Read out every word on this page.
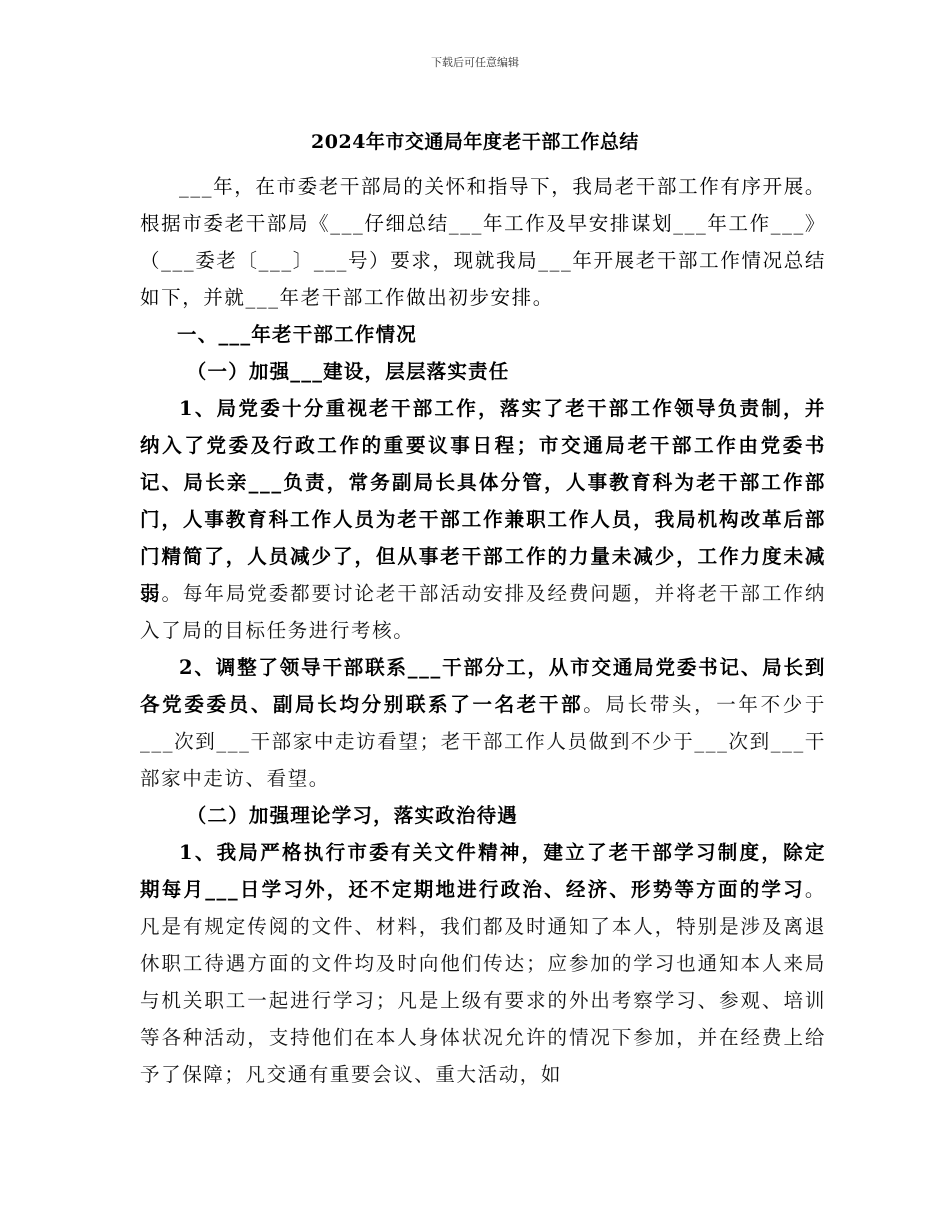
下载后可任意编辑
2024年市交通局年度老干部工作总结

___年，在市委老干部局的关怀和指导下，我局老干部工作有序开展。根据市委老干部局《___仔细总结___年工作及早安排谋划___年工作___》（___委老〔___〕___号）要求，现就我局___年开展老干部工作情况总结如下，并就___年老干部工作做出初步安排。

一、___年老干部工作情况

（一）加强___建设，层层落实责任

1、局党委十分重视老干部工作，落实了老干部工作领导负责制，并纳入了党委及行政工作的重要议事日程；市交通局老干部工作由党委书记、局长亲___负责，常务副局长具体分管，人事教育科为老干部工作部门，人事教育科工作人员为老干部工作兼职工作人员，我局机构改革后部门精简了，人员减少了，但从事老干部工作的力量未减少，工作力度未减弱。每年局党委都要讨论老干部活动安排及经费问题，并将老干部工作纳入了局的目标任务进行考核。

2、调整了领导干部联系___干部分工，从市交通局党委书记、局长到各党委委员、副局长均分别联系了一名老干部。局长带头，一年不少于___次到___干部家中走访看望；老干部工作人员做到不少于___次到___干部家中走访、看望。

（二）加强理论学习，落实政治待遇

1、我局严格执行市委有关文件精神，建立了老干部学习制度，除定期每月___日学习外，还不定期地进行政治、经济、形势等方面的学习。凡是有规定传阅的文件、材料，我们都及时通知了本人，特别是涉及离退休职工待遇方面的文件均及时向他们传达；应参加的学习也通知本人来局与机关职工一起进行学习；凡是上级有要求的外出考察学习、参观、培训等各种活动，支持他们在本人身体状况允许的情况下参加，并在经费上给予了保障；凡交通有重要会议、重大活动，如
